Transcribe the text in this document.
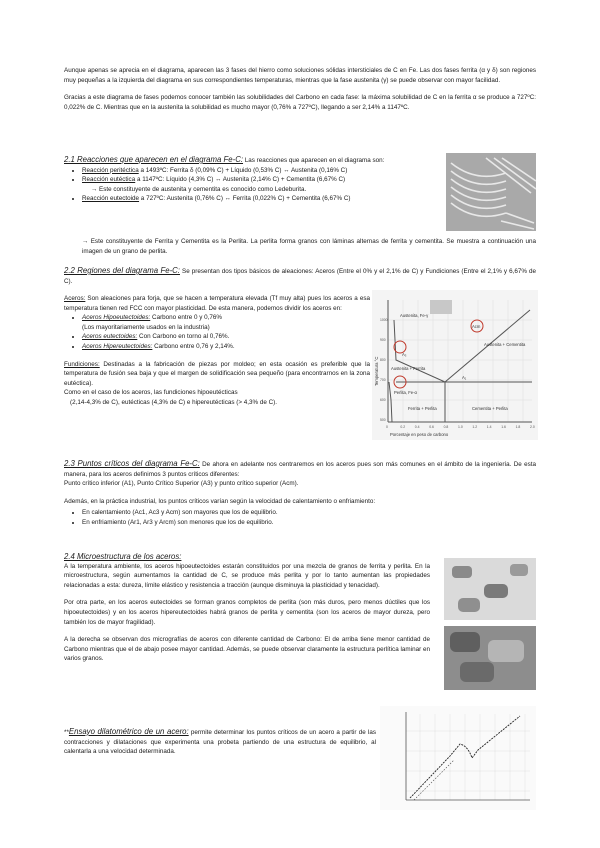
Aunque apenas se aprecia en el diagrama, aparecen las 3 fases del hierro como soluciones sólidas intersticiales de C en Fe. Las dos fases ferrita (α y δ) son regiones muy pequeñas a la izquierda del diagrama en sus correspondientes temperaturas, mientras que la fase austenita (γ) se puede observar con mayor facilidad.
Gracias a este diagrama de fases podemos conocer también las solubilidades del Carbono en cada fase: la máxima solubilidad de C en la ferrita α se produce a 727ºC: 0,022% de C. Mientras que en la austenita la solubilidad es mucho mayor (0,76% a 727ºC), llegando a ser 2,14% a 1147ºC.
2.1 Reacciones que aparecen en el diagrama Fe-C: Las reacciones que aparecen en el diagrama son:
• Reacción peritéctica a 1493ºC: Ferrita δ (0,09% C) + Líquido (0,53% C) ↔ Austenita (0,16% C)
• Reacción eutéctica a 1147ºC: Líquido (4,3% C) ↔ Austenita (2,14% C) + Cementita (6,67% C)
→ Este constituyente de austenita y cementita es conocido como Ledeburita.
• Reacción eutectoide a 727ºC: Austenita (0,76% C) ↔ Ferrita (0,022% C) + Cementita (6,67% C)
→ Este constituyente de Ferrita y Cementita es la Perlita. La perlita forma granos con láminas alternas de ferrita y cementita. Se muestra a continuación una imagen de un grano de perlita.
2.2 Regiones del diagrama Fe-C: Se presentan dos tipos básicos de aleaciones: Aceros (Entre el 0% y el 2,1% de C) y Fundiciones (Entre el 2,1% y 6,67% de C).
Aceros: Son aleaciones para forja, que se hacen a temperatura elevada (Tf muy alta) pues los aceros a esa temperatura tienen red FCC con mayor plasticidad. De esta manera, podemos dividir los aceros en:
• Aceros Hipoeutectoides: Carbono entre 0 y 0,76%
(Los mayoritariamente usados en la industria)
• Aceros eutectoides: Con Carbono en torno al 0,76%.
• Aceros Hipereutectoides: Carbono entre 0,76 y 2,14%.
Fundiciones: Destinadas a la fabricación de piezas por moldeo; en esta ocasión es preferible que la temperatura de fusión sea baja y que el margen de solidificación sea pequeño (para encontrarnos en la zona eutéctica).
Como en el caso de los aceros, las fundiciones hipoeutécticas
(2,14-4,3% de C), eutécticas (4,3% de C) e hipereutécticas (> 4,3% de C).
Porcentaje en peso de carbono
Temperatura °C
Austenita, Fe-γ
Austenita + Cementita
Austenita + Ferrita
Perlita, Fe-α
Ferrita + Perlita	Cementita + Perlita
Acm
A₃
A₁
0	0.2	0.4	0.6	0.8	1.0	1.2	1.4	1.6	1.8	2.0
1000
900
800
700
600
500
2.3 Puntos críticos del diagrama Fe-C: De ahora en adelante nos centraremos en los aceros pues son más comunes en el ámbito de la ingeniería. De esta manera, para los aceros definimos 3 puntos críticos diferentes:
Punto crítico inferior (A1), Punto Crítico Superior (A3) y punto crítico superior (Acm).
Además, en la práctica industrial, los puntos críticos varían según la velocidad de calentamiento o enfriamiento:
• En calentamiento (Ac1, Ac3 y Acm) son mayores que los de equilibrio.
• En enfriamiento (Ar1, Ar3 y Arcm) son menores que los de equilibrio.
2.4 Microestructura de los aceros:
A la temperatura ambiente, los aceros hipoeutectoides estarán constituidos por una mezcla de granos de ferrita y perlita. En la microestructura, según aumentamos la cantidad de C, se produce más perlita y por lo tanto aumentan las propiedades relacionadas a esta: dureza, límite elástico y resistencia a tracción (aunque disminuya la plasticidad y tenacidad).
Por otra parte, en los aceros eutectoides se forman granos completos de perlita (son más duros, pero menos dúctiles que los hipoeutectoides) y en los aceros hipereutectoides habrá granos de perlita y cementita (son los aceros de mayor dureza, pero también los de mayor fragilidad).
A la derecha se observan dos micrografías de aceros con diferente cantidad de Carbono: El de arriba tiene menor cantidad de Carbono mientras que el de abajo posee mayor cantidad. Además, se puede observar claramente la estructura perlítica laminar en varios granos.
**Ensayo dilatométrico de un acero: permite determinar los puntos críticos de un acero a partir de las contracciones y dilataciones que experimenta una probeta partiendo de una estructura de equilibrio, al calentarla a una velocidad determinada.
